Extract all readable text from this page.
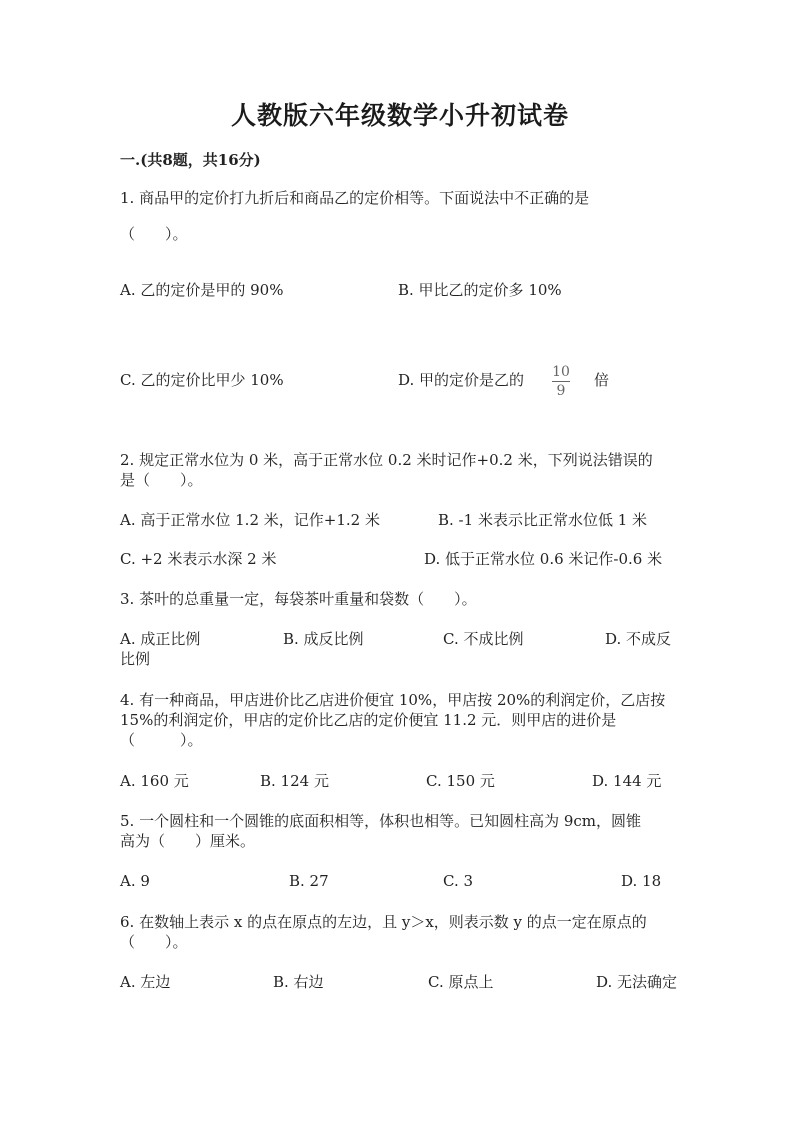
人教版六年级数学小升初试卷
一.(共8题，共16分)
1. 商品甲的定价打九折后和商品乙的定价相等。下面说法中不正确的是
（　　）。
A. 乙的定价是甲的 90%	B. 甲比乙的定价多 10%
C. 乙的定价比甲少 10%	D. 甲的定价是乙的 10
9
倍
2. 规定正常水位为 0 米，高于正常水位 0.2 米时记作+0.2 米，下列说法错误的
是（　　）。
A. 高于正常水位 1.2 米，记作+1.2 米	B. -1 米表示比正常水位低 1 米
C. +2 米表示水深 2 米	D. 低于正常水位 0.6 米记作-0.6 米
3. 茶叶的总重量一定，每袋茶叶重量和袋数（　　）。
A. 成正比例	B. 成反比例	C. 不成比例	D. 不成反
比例
4. 有一种商品，甲店进价比乙店进价便宜 10%，甲店按 20%的利润定价，乙店按
15%的利润定价，甲店的定价比乙店的定价便宜 11.2 元．则甲店的进价是
（　　　）。
A. 160 元	B. 124 元	C. 150 元	D. 144 元
5. 一个圆柱和一个圆锥的底面积相等，体积也相等。已知圆柱高为 9cm，圆锥
高为（　　）厘米。
A. 9	B. 27	C. 3	D. 18
6. 在数轴上表示 x 的点在原点的左边，且 y＞x，则表示数 y 的点一定在原点的
（　　）。
A. 左边	B. 右边	C. 原点上	D. 无法确定
